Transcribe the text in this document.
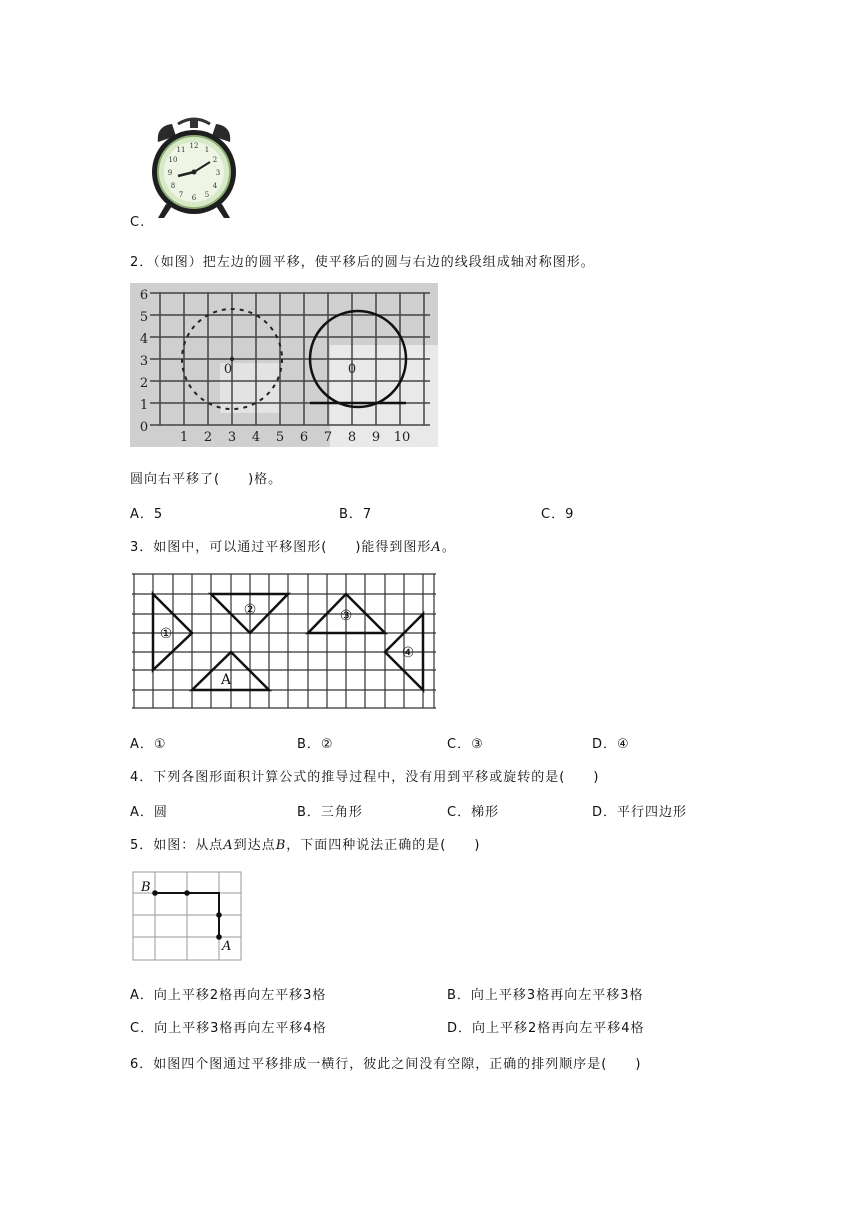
12
3
6
9
1
2
4
5
7
8
10
11
C.
2．（如图）把左边的圆平移，使平移后的圆与右边的线段组成轴对称图形。
0
1
2
3
4
5
6
1 2 3 4 5 6 7 8 9 10
0	0
圆向右平移了(　　)格。
A．5	B．7	C．9
3．如图中，可以通过平移图形(　　)能得到图形A。
①
②	③
④
A
A．①	B．②	C．③	D．④
4．下列各图形面积计算公式的推导过程中，没有用到平移或旋转的是(　　)
A．圆	B．三角形	C．梯形	D．平行四边形
5．如图：从点A到达点B，下面四种说法正确的是(　　)
B
A
A．向上平移2格再向左平移3格	B．向上平移3格再向左平移3格
C．向上平移3格再向左平移4格	D．向上平移2格再向左平移4格
6．如图四个图通过平移排成一横行，彼此之间没有空隙，正确的排列顺序是(　　)
